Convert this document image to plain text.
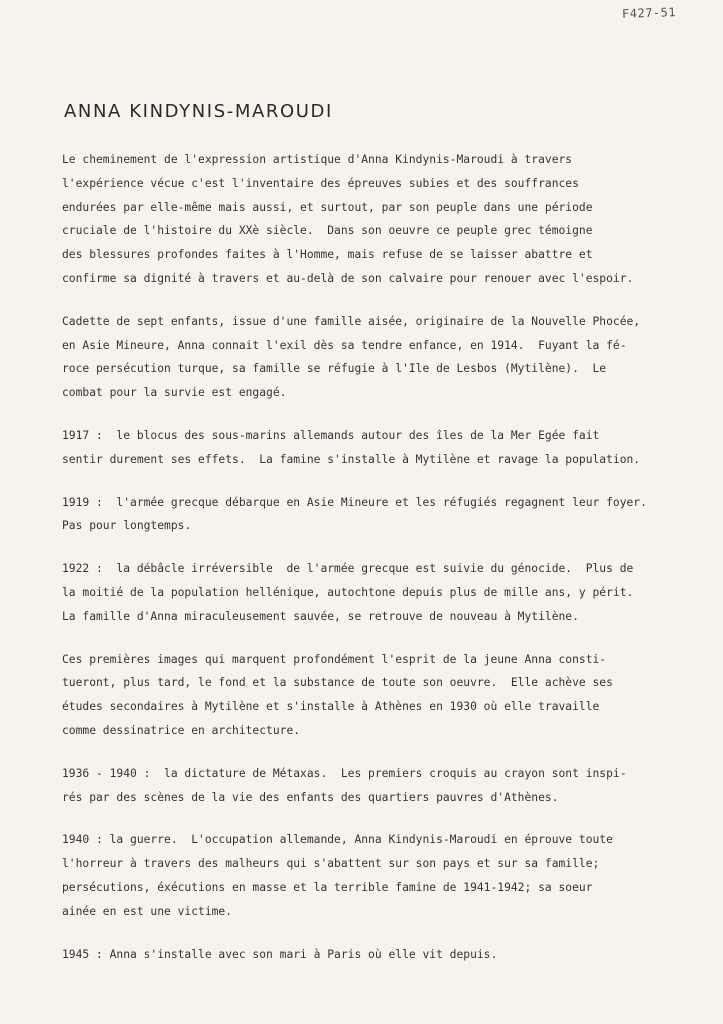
F427-51
ANNA KINDYNIS-MAROUDI
Le cheminement de l'expression artistique d'Anna Kindynis-Maroudi à travers
l'expérience vécue c'est l'inventaire des épreuves subies et des souffrances
endurées par elle-même mais aussi, et surtout, par son peuple dans une période
cruciale de l'histoire du XXè siècle.  Dans son oeuvre ce peuple grec témoigne
des blessures profondes faites à l'Homme, mais refuse de se laisser abattre et
confirme sa dignité à travers et au-delà de son calvaire pour renouer avec l'espoir.
Cadette de sept enfants, issue d'une famille aisée, originaire de la Nouvelle Phocée,
en Asie Mineure, Anna connait l'exil dès sa tendre enfance, en 1914.  Fuyant la fé-
roce persécution turque, sa famille se réfugie à l'Ile de Lesbos (Mytilène).  Le
combat pour la survie est engagé.
1917 :  le blocus des sous-marins allemands autour des îles de la Mer Egée fait
sentir durement ses effets.  La famine s'installe à Mytilène et ravage la population.
1919 :  l'armée grecque débarque en Asie Mineure et les réfugiés regagnent leur foyer.
Pas pour longtemps.
1922 :  la débâcle irréversible  de l'armée grecque est suivie du génocide.  Plus de
la moitié de la population hellénique, autochtone depuis plus de mille ans, y périt.
La famille d'Anna miraculeusement sauvée, se retrouve de nouveau à Mytilène.
Ces premières images qui marquent profondément l'esprit de la jeune Anna consti-
tueront, plus tard, le fond et la substance de toute son oeuvre.  Elle achève ses
études secondaires à Mytilène et s'installe à Athènes en 1930 où elle travaille
comme dessinatrice en architecture.
1936 - 1940 :  la dictature de Métaxas.  Les premiers croquis au crayon sont inspi-
rés par des scènes de la vie des enfants des quartiers pauvres d'Athènes.
1940 : la guerre.  L'occupation allemande, Anna Kindynis-Maroudi en éprouve toute
l'horreur à travers des malheurs qui s'abattent sur son pays et sur sa famille;
persécutions, éxécutions en masse et la terrible famine de 1941-1942; sa soeur
ainée en est une victime.
1945 : Anna s'installe avec son mari à Paris où elle vit depuis.
